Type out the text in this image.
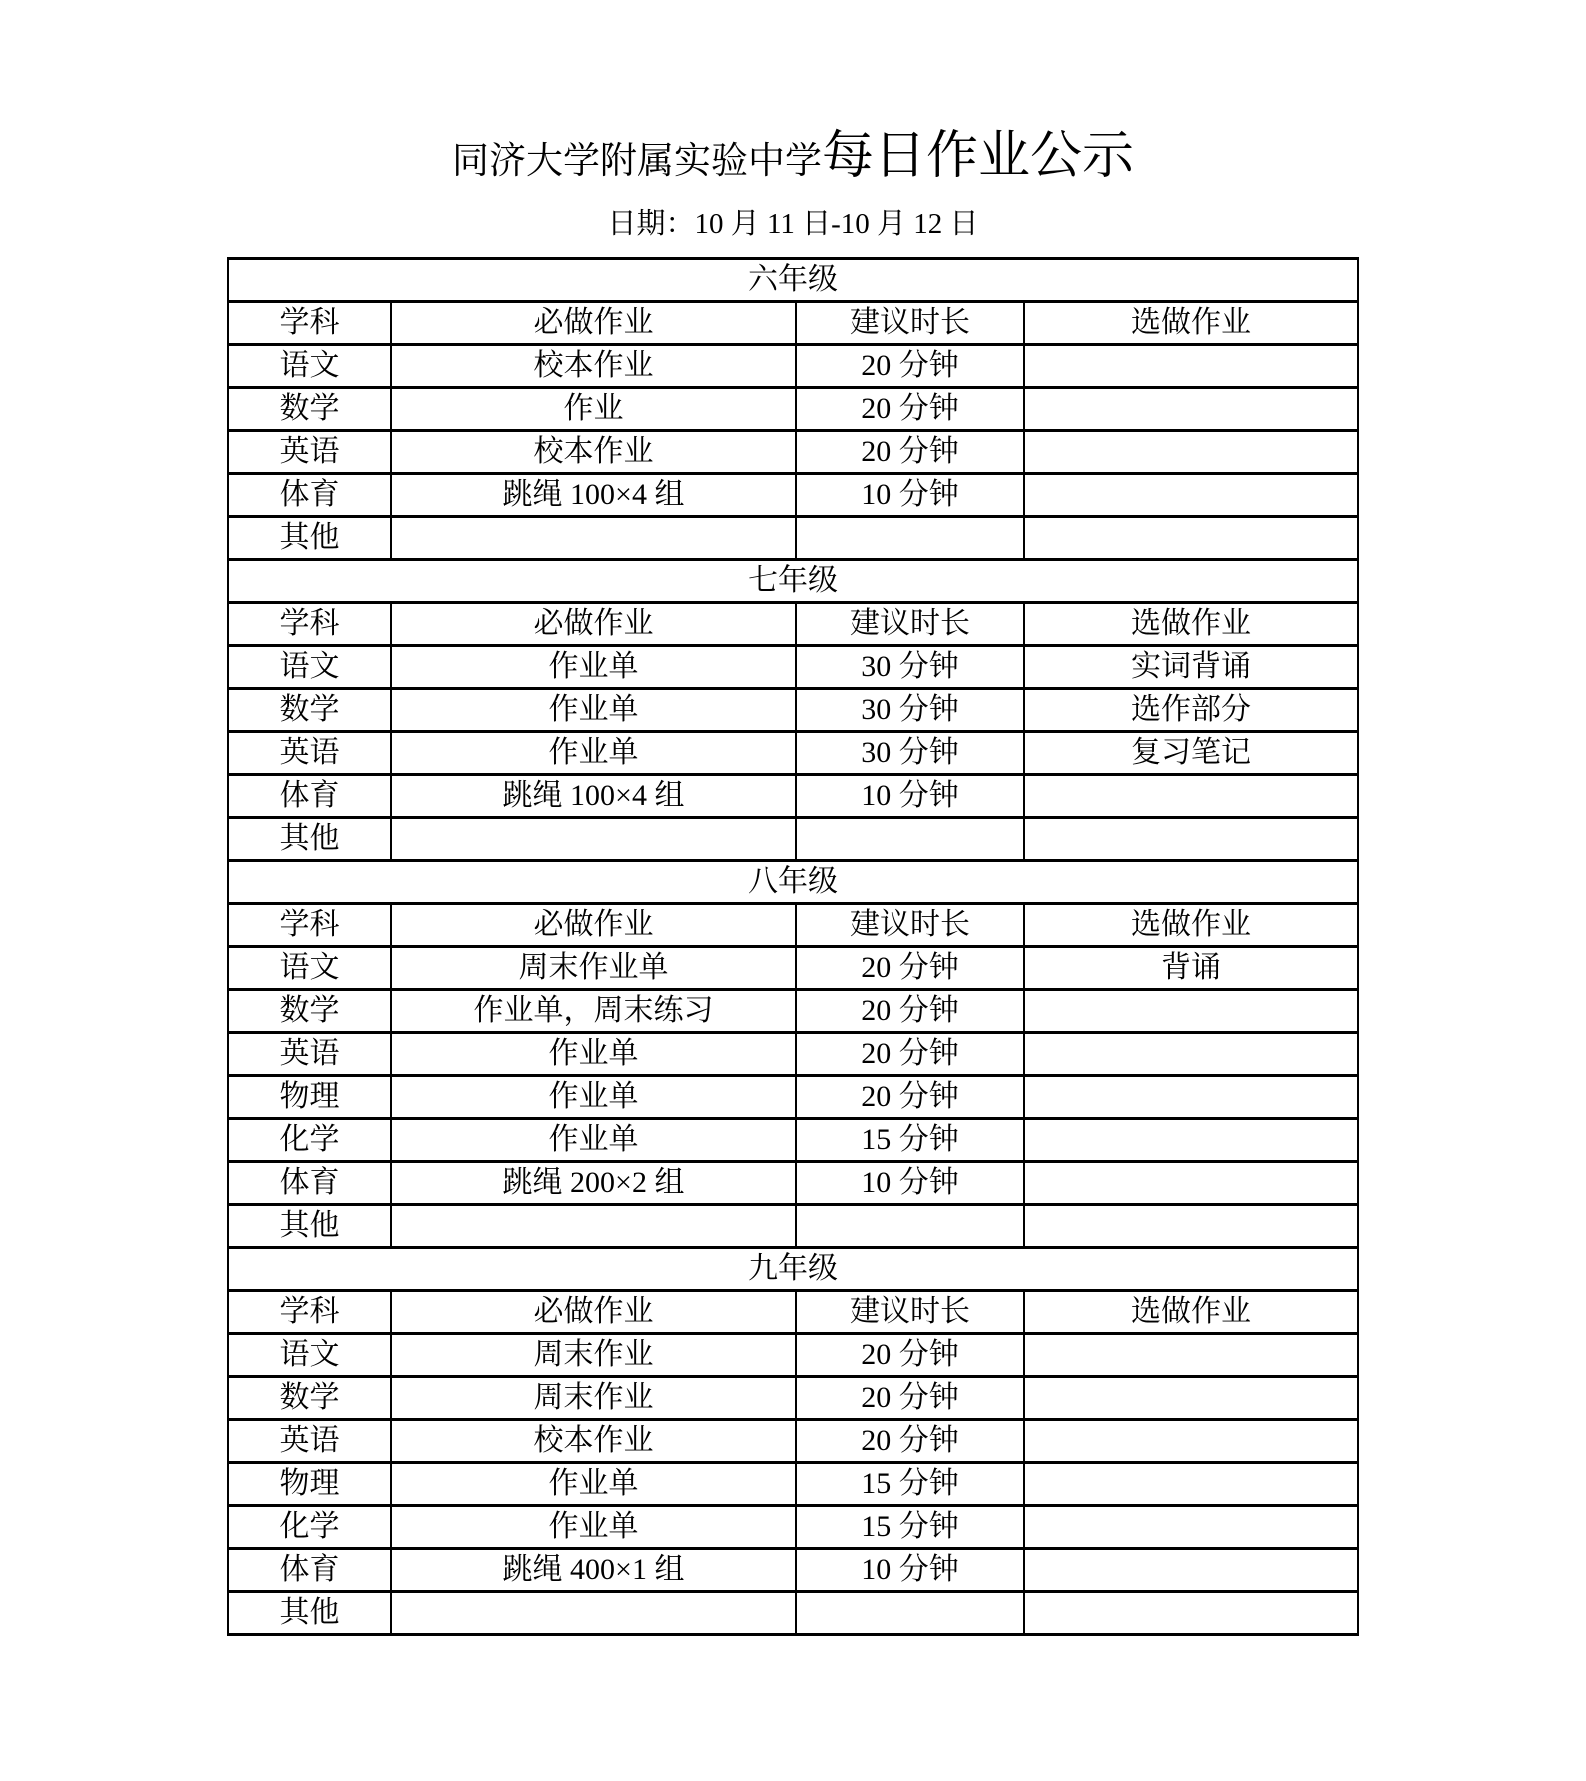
同济大学附属实验中学每日作业公示
日期：10 月 11 日-10 月 12 日
六年级			
学科	必做作业	建议时长	选做作业
语文	校本作业	20 分钟	
数学	作业	20 分钟	
英语	校本作业	20 分钟	
体育	跳绳 100×4 组	10 分钟	
其他			
七年级			
学科	必做作业	建议时长	选做作业
语文	作业单	30 分钟	实词背诵
数学	作业单	30 分钟	选作部分
英语	作业单	30 分钟	复习笔记
体育	跳绳 100×4 组	10 分钟	
其他			
八年级			
学科	必做作业	建议时长	选做作业
语文	周末作业单	20 分钟	背诵
数学	作业单，周末练习	20 分钟	
英语	作业单	20 分钟	
物理	作业单	20 分钟	
化学	作业单	15 分钟	
体育	跳绳 200×2 组	10 分钟	
其他			
九年级			
学科	必做作业	建议时长	选做作业
语文	周末作业	20 分钟	
数学	周末作业	20 分钟	
英语	校本作业	20 分钟	
物理	作业单	15 分钟	
化学	作业单	15 分钟	
体育	跳绳 400×1 组	10 分钟	
其他			
